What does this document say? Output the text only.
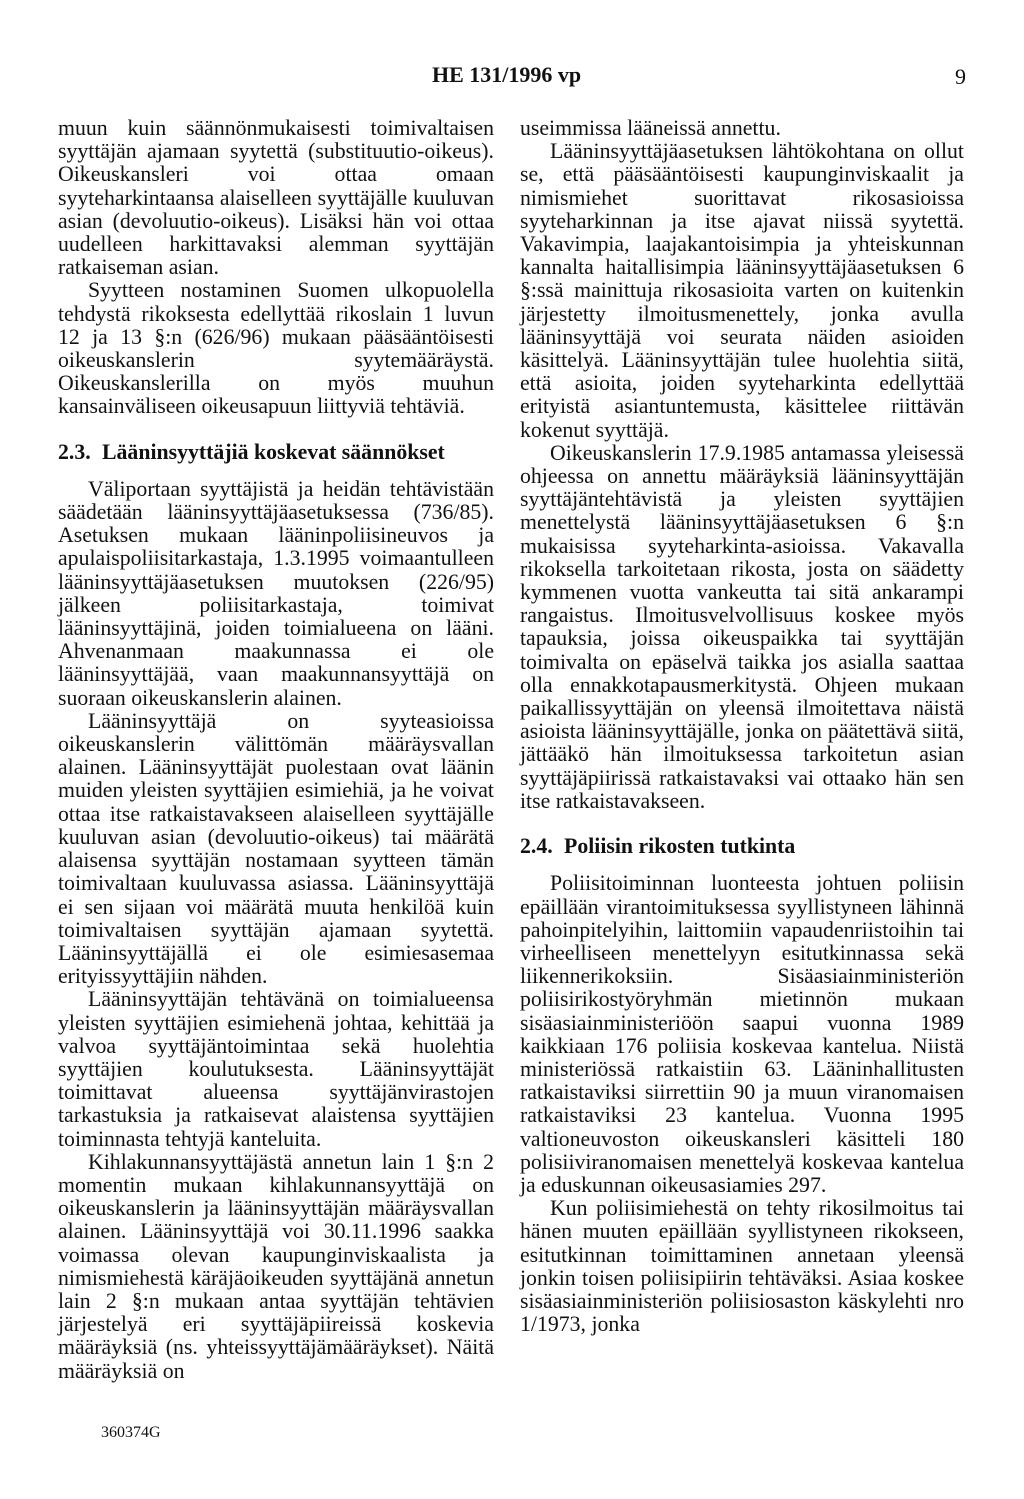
HE 131/1996 vp	9

muun kuin säännönmukaisesti toimivaltaisen syyttäjän ajamaan syytettä (substituutio-oikeus). Oikeuskansleri voi ottaa omaan syyteharkintaansa alaiselleen syyttäjälle kuuluvan asian (devoluutio-oikeus). Lisäksi hän voi ottaa uudelleen harkittavaksi alemman syyttäjän ratkaiseman asian.

Syytteen nostaminen Suomen ulkopuolella tehdystä rikoksesta edellyttää rikoslain 1 luvun 12 ja 13 §:n (626/96) mukaan pääsääntöisesti oikeuskanslerin syytemääräystä. Oikeuskanslerilla on myös muuhun kansainväliseen oikeusapuun liittyviä tehtäviä.

2.3. Lääninsyyttäjiä koskevat säännökset

Väliportaan syyttäjistä ja heidän tehtävistään säädetään lääninsyyttäjäasetuksessa (736/85). Asetuksen mukaan lääninpoliisineuvos ja apulaispoliisitarkastaja, 1.3.1995 voimaantulleen lääninsyyttäjäasetuksen muutoksen (226/95) jälkeen poliisitarkastaja, toimivat lääninsyyttäjinä, joiden toimialueena on lääni. Ahvenanmaan maakunnassa ei ole lääninsyyttäjää, vaan maakunnansyyttäjä on suoraan oikeuskanslerin alainen.

Lääninsyyttäjä on syyteasioissa oikeuskanslerin välittömän määräysvallan alainen. Lääninsyyttäjät puolestaan ovat läänin muiden yleisten syyttäjien esimiehiä, ja he voivat ottaa itse ratkaistavakseen alaiselleen syyttäjälle kuuluvan asian (devoluutio-oikeus) tai määrätä alaisensa syyttäjän nostamaan syytteen tämän toimivaltaan kuuluvassa asiassa. Lääninsyyttäjä ei sen sijaan voi määrätä muuta henkilöä kuin toimivaltaisen syyttäjän ajamaan syytettä. Lääninsyyttäjällä ei ole esimiesasemaa erityissyyttäjiin nähden.

Lääninsyyttäjän tehtävänä on toimialueensa yleisten syyttäjien esimiehenä johtaa, kehittää ja valvoa syyttäjäntoimintaa sekä huolehtia syyttäjien koulutuksesta. Lääninsyyttäjät toimittavat alueensa syyttäjänvirastojen tarkastuksia ja ratkaisevat alaistensa syyttäjien toiminnasta tehtyjä kanteluita.

Kihlakunnansyyttäjästä annetun lain 1 §:n 2 momentin mukaan kihlakunnansyyttäjä on oikeuskanslerin ja lääninsyyttäjän määräysvallan alainen. Lääninsyyttäjä voi 30.11.1996 saakka voimassa olevan kaupunginviskaalista ja nimismiehestä käräjäoikeuden syyttäjänä annetun lain 2 §:n mukaan antaa syyttäjän tehtävien järjestelyä eri syyttäjäpiireissä koskevia määräyksiä (ns. yhteissyyttäjämääräykset). Näitä määräyksiä on

useimmissa lääneissä annettu.

Lääninsyyttäjäasetuksen lähtökohtana on ollut se, että pääsääntöisesti kaupunginviskaalit ja nimismiehet suorittavat rikosasioissa syyteharkinnan ja itse ajavat niissä syytettä. Vakavimpia, laajakantoisimpia ja yhteiskunnan kannalta haitallisimpia lääninsyyttäjäasetuksen 6 §:ssä mainittuja rikosasioita varten on kuitenkin järjestetty ilmoitusmenettely, jonka avulla lääninsyyttäjä voi seurata näiden asioiden käsittelyä. Lääninsyyttäjän tulee huolehtia siitä, että asioita, joiden syyteharkinta edellyttää erityistä asiantuntemusta, käsittelee riittävän kokenut syyttäjä.

Oikeuskanslerin 17.9.1985 antamassa yleisessä ohjeessa on annettu määräyksiä lääninsyyttäjän syyttäjäntehtävistä ja yleisten syyttäjien menettelystä lääninsyyttäjäasetuksen 6 §:n mukaisissa syyteharkinta-asioissa. Vakavalla rikoksella tarkoitetaan rikosta, josta on säädetty kymmenen vuotta vankeutta tai sitä ankarampi rangaistus. Ilmoitusvelvollisuus koskee myös tapauksia, joissa oikeuspaikka tai syyttäjän toimivalta on epäselvä taikka jos asialla saattaa olla ennakkotapausmerkitystä. Ohjeen mukaan paikallissyyttäjän on yleensä ilmoitettava näistä asioista lääninsyyttäjälle, jonka on päätettävä siitä, jättääkö hän ilmoituksessa tarkoitetun asian syyttäjäpiirissä ratkaistavaksi vai ottaako hän sen itse ratkaistavakseen.

2.4. Poliisin rikosten tutkinta

Poliisitoiminnan luonteesta johtuen poliisin epäillään virantoimituksessa syyllistyneen lähinnä pahoinpitelyihin, laittomiin vapaudenriistoihin tai virheelliseen menettelyyn esitutkinnassa sekä liikennerikoksiin. Sisäasiainministeriön poliisirikostyöryhmän mietinnön mukaan sisäasiainministeriöön saapui vuonna 1989 kaikkiaan 176 poliisia koskevaa kantelua. Niistä ministeriössä ratkaistiin 63. Lääninhallitusten ratkaistaviksi siirrettiin 90 ja muun viranomaisen ratkaistaviksi 23 kantelua. Vuonna 1995 valtioneuvoston oikeuskansleri käsitteli 180 polisiiviranomaisen menettelyä koskevaa kantelua ja eduskunnan oikeusasiamies 297.

Kun poliisimiehestä on tehty rikosilmoitus tai hänen muuten epäillään syyllistyneen rikokseen, esitutkinnan toimittaminen annetaan yleensä jonkin toisen poliisipiirin tehtäväksi. Asiaa koskee sisäasiainministeriön poliisiosaston käskylehti nro 1/1973, jonka

360374G
